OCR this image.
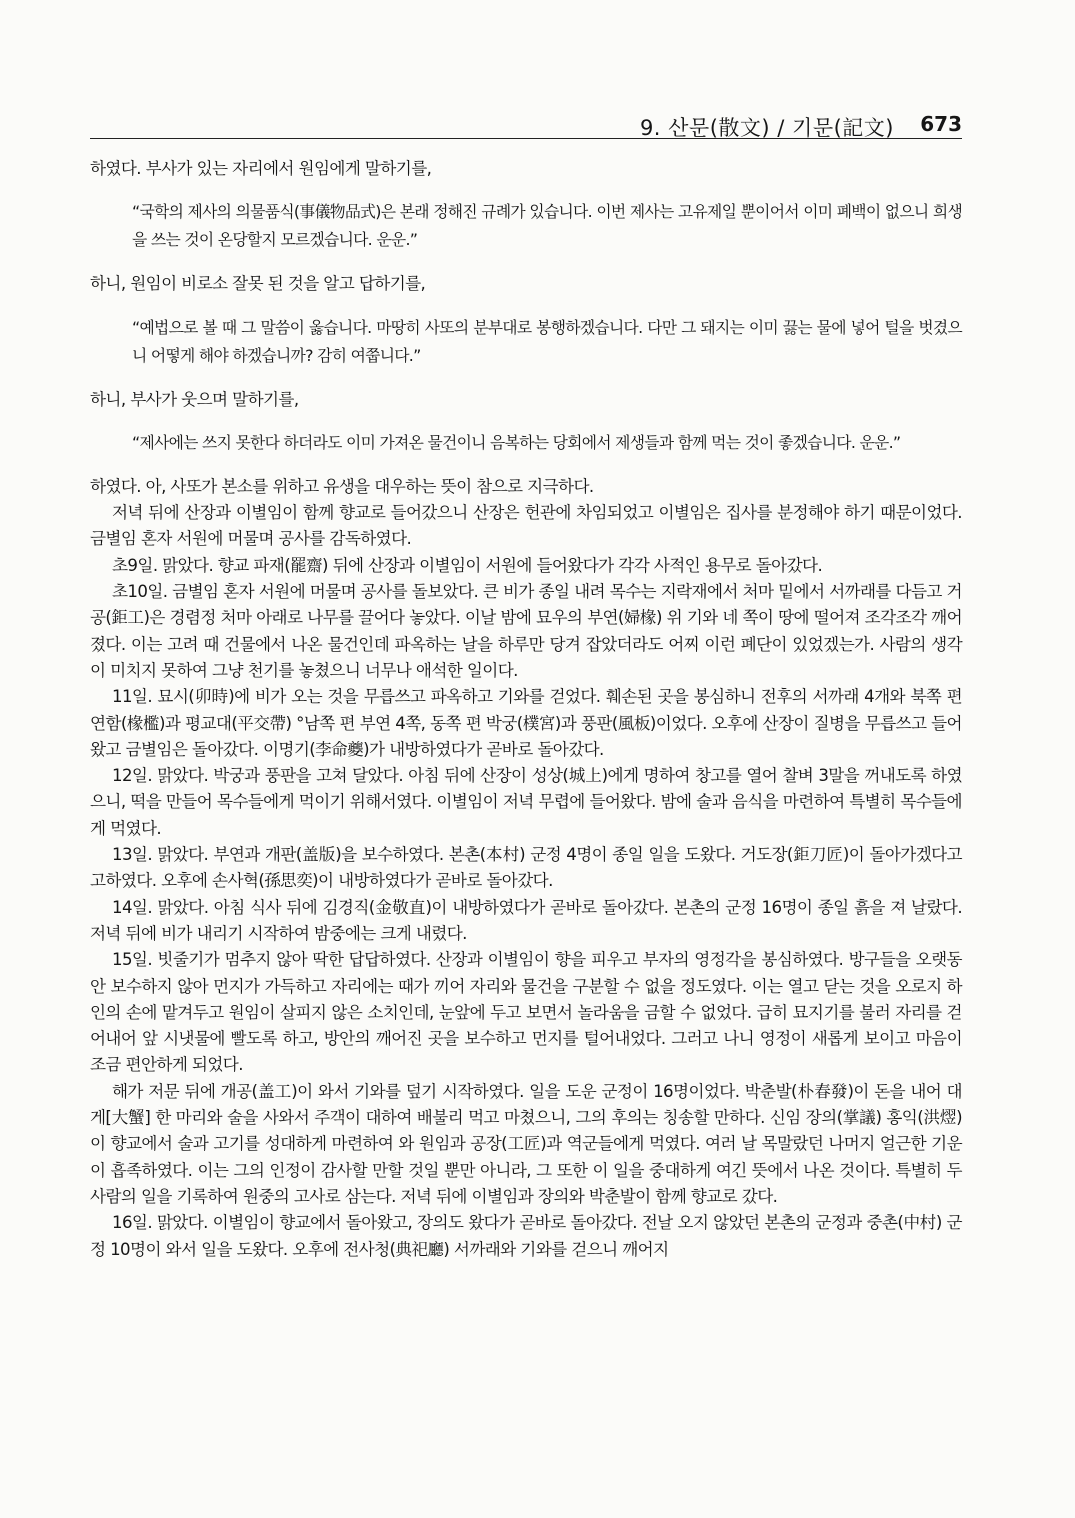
9. 산문(散文) / 기문(記文) 673

하였다. 부사가 있는 자리에서 원임에게 말하기를,

“국학의 제사의 의물품식(事儀物品式)은 본래 정해진 규례가 있습니다. 이번 제사는 고유제일 뿐이어서 이미 폐백이 없으니 희생을 쓰는 것이 온당할지 모르겠습니다. 운운.”

하니, 원임이 비로소 잘못 된 것을 알고 답하기를,

“예법으로 볼 때 그 말씀이 옳습니다. 마땅히 사또의 분부대로 봉행하겠습니다. 다만 그 돼지는 이미 끓는 물에 넣어 털을 벗겼으니 어떻게 해야 하겠습니까? 감히 여쭙니다.”

하니, 부사가 웃으며 말하기를,

“제사에는 쓰지 못한다 하더라도 이미 가져온 물건이니 음복하는 당회에서 제생들과 함께 먹는 것이 좋겠습니다. 운운.”

하였다. 아, 사또가 본소를 위하고 유생을 대우하는 뜻이 참으로 지극하다.

저녁 뒤에 산장과 이별임이 함께 향교로 들어갔으니 산장은 헌관에 차임되었고 이별임은 집사를 분정해야 하기 때문이었다. 금별임 혼자 서원에 머물며 공사를 감독하였다.

초9일. 맑았다. 향교 파재(罷齋) 뒤에 산장과 이별임이 서원에 들어왔다가 각각 사적인 용무로 돌아갔다.

초10일. 금별임 혼자 서원에 머물며 공사를 돌보았다. 큰 비가 종일 내려 목수는 지락재에서 처마 밑에서 서까래를 다듬고 거공(鉅工)은 경렴정 처마 아래로 나무를 끌어다 놓았다. 이날 밤에 묘우의 부연(婦椽) 위 기와 네 쪽이 땅에 떨어져 조각조각 깨어졌다. 이는 고려 때 건물에서 나온 물건인데 파옥하는 날을 하루만 당겨 잡았더라도 어찌 이런 폐단이 있었겠는가. 사람의 생각이 미치지 못하여 그냥 천기를 놓쳤으니 너무나 애석한 일이다.

11일. 묘시(卯時)에 비가 오는 것을 무릅쓰고 파옥하고 기와를 걷었다. 훼손된 곳을 봉심하니 전후의 서까래 4개와 북쪽 편 연함(椽檻)과 평교대(平交帶) °남쪽 편 부연 4쪽, 동쪽 편 박궁(樸宮)과 풍판(風板)이었다. 오후에 산장이 질병을 무릅쓰고 들어왔고 금별임은 돌아갔다. 이명기(李命夔)가 내방하였다가 곧바로 돌아갔다.

12일. 맑았다. 박궁과 풍판을 고쳐 달았다. 아침 뒤에 산장이 성상(城上)에게 명하여 창고를 열어 찰벼 3말을 꺼내도록 하였으니, 떡을 만들어 목수들에게 먹이기 위해서였다. 이별임이 저녁 무렵에 들어왔다. 밤에 술과 음식을 마련하여 특별히 목수들에게 먹였다.

13일. 맑았다. 부연과 개판(盖版)을 보수하였다. 본촌(本村) 군정 4명이 종일 일을 도왔다. 거도장(鉅刀匠)이 돌아가겠다고 고하였다. 오후에 손사혁(孫思奕)이 내방하였다가 곧바로 돌아갔다.

14일. 맑았다. 아침 식사 뒤에 김경직(金敬直)이 내방하였다가 곧바로 돌아갔다. 본촌의 군정 16명이 종일 흙을 져 날랐다. 저녁 뒤에 비가 내리기 시작하여 밤중에는 크게 내렸다.

15일. 빗줄기가 멈추지 않아 딱한 답답하였다. 산장과 이별임이 향을 피우고 부자의 영정각을 봉심하였다. 방구들을 오랫동안 보수하지 않아 먼지가 가득하고 자리에는 때가 끼어 자리와 물건을 구분할 수 없을 정도였다. 이는 열고 닫는 것을 오로지 하인의 손에 맡겨두고 원임이 살피지 않은 소치인데, 눈앞에 두고 보면서 놀라움을 금할 수 없었다. 급히 묘지기를 불러 자리를 걷어내어 앞 시냇물에 빨도록 하고, 방안의 깨어진 곳을 보수하고 먼지를 털어내었다. 그러고 나니 영정이 새롭게 보이고 마음이 조금 편안하게 되었다.

해가 저문 뒤에 개공(盖工)이 와서 기와를 덮기 시작하였다. 일을 도운 군정이 16명이었다. 박춘발(朴春發)이 돈을 내어 대게[大蟹] 한 마리와 술을 사와서 주객이 대하여 배불리 먹고 마쳤으니, 그의 후의는 칭송할 만하다. 신임 장의(掌議) 홍익(洪熤)이 향교에서 술과 고기를 성대하게 마련하여 와 원임과 공장(工匠)과 역군들에게 먹였다. 여러 날 목말랐던 나머지 얼근한 기운이 흡족하였다. 이는 그의 인정이 감사할 만할 것일 뿐만 아니라, 그 또한 이 일을 중대하게 여긴 뜻에서 나온 것이다. 특별히 두 사람의 일을 기록하여 원중의 고사로 삼는다. 저녁 뒤에 이별임과 장의와 박춘발이 함께 향교로 갔다.

16일. 맑았다. 이별임이 향교에서 돌아왔고, 장의도 왔다가 곧바로 돌아갔다. 전날 오지 않았던 본촌의 군정과 중촌(中村) 군정 10명이 와서 일을 도왔다. 오후에 전사청(典祀廳) 서까래와 기와를 걷으니 깨어지
